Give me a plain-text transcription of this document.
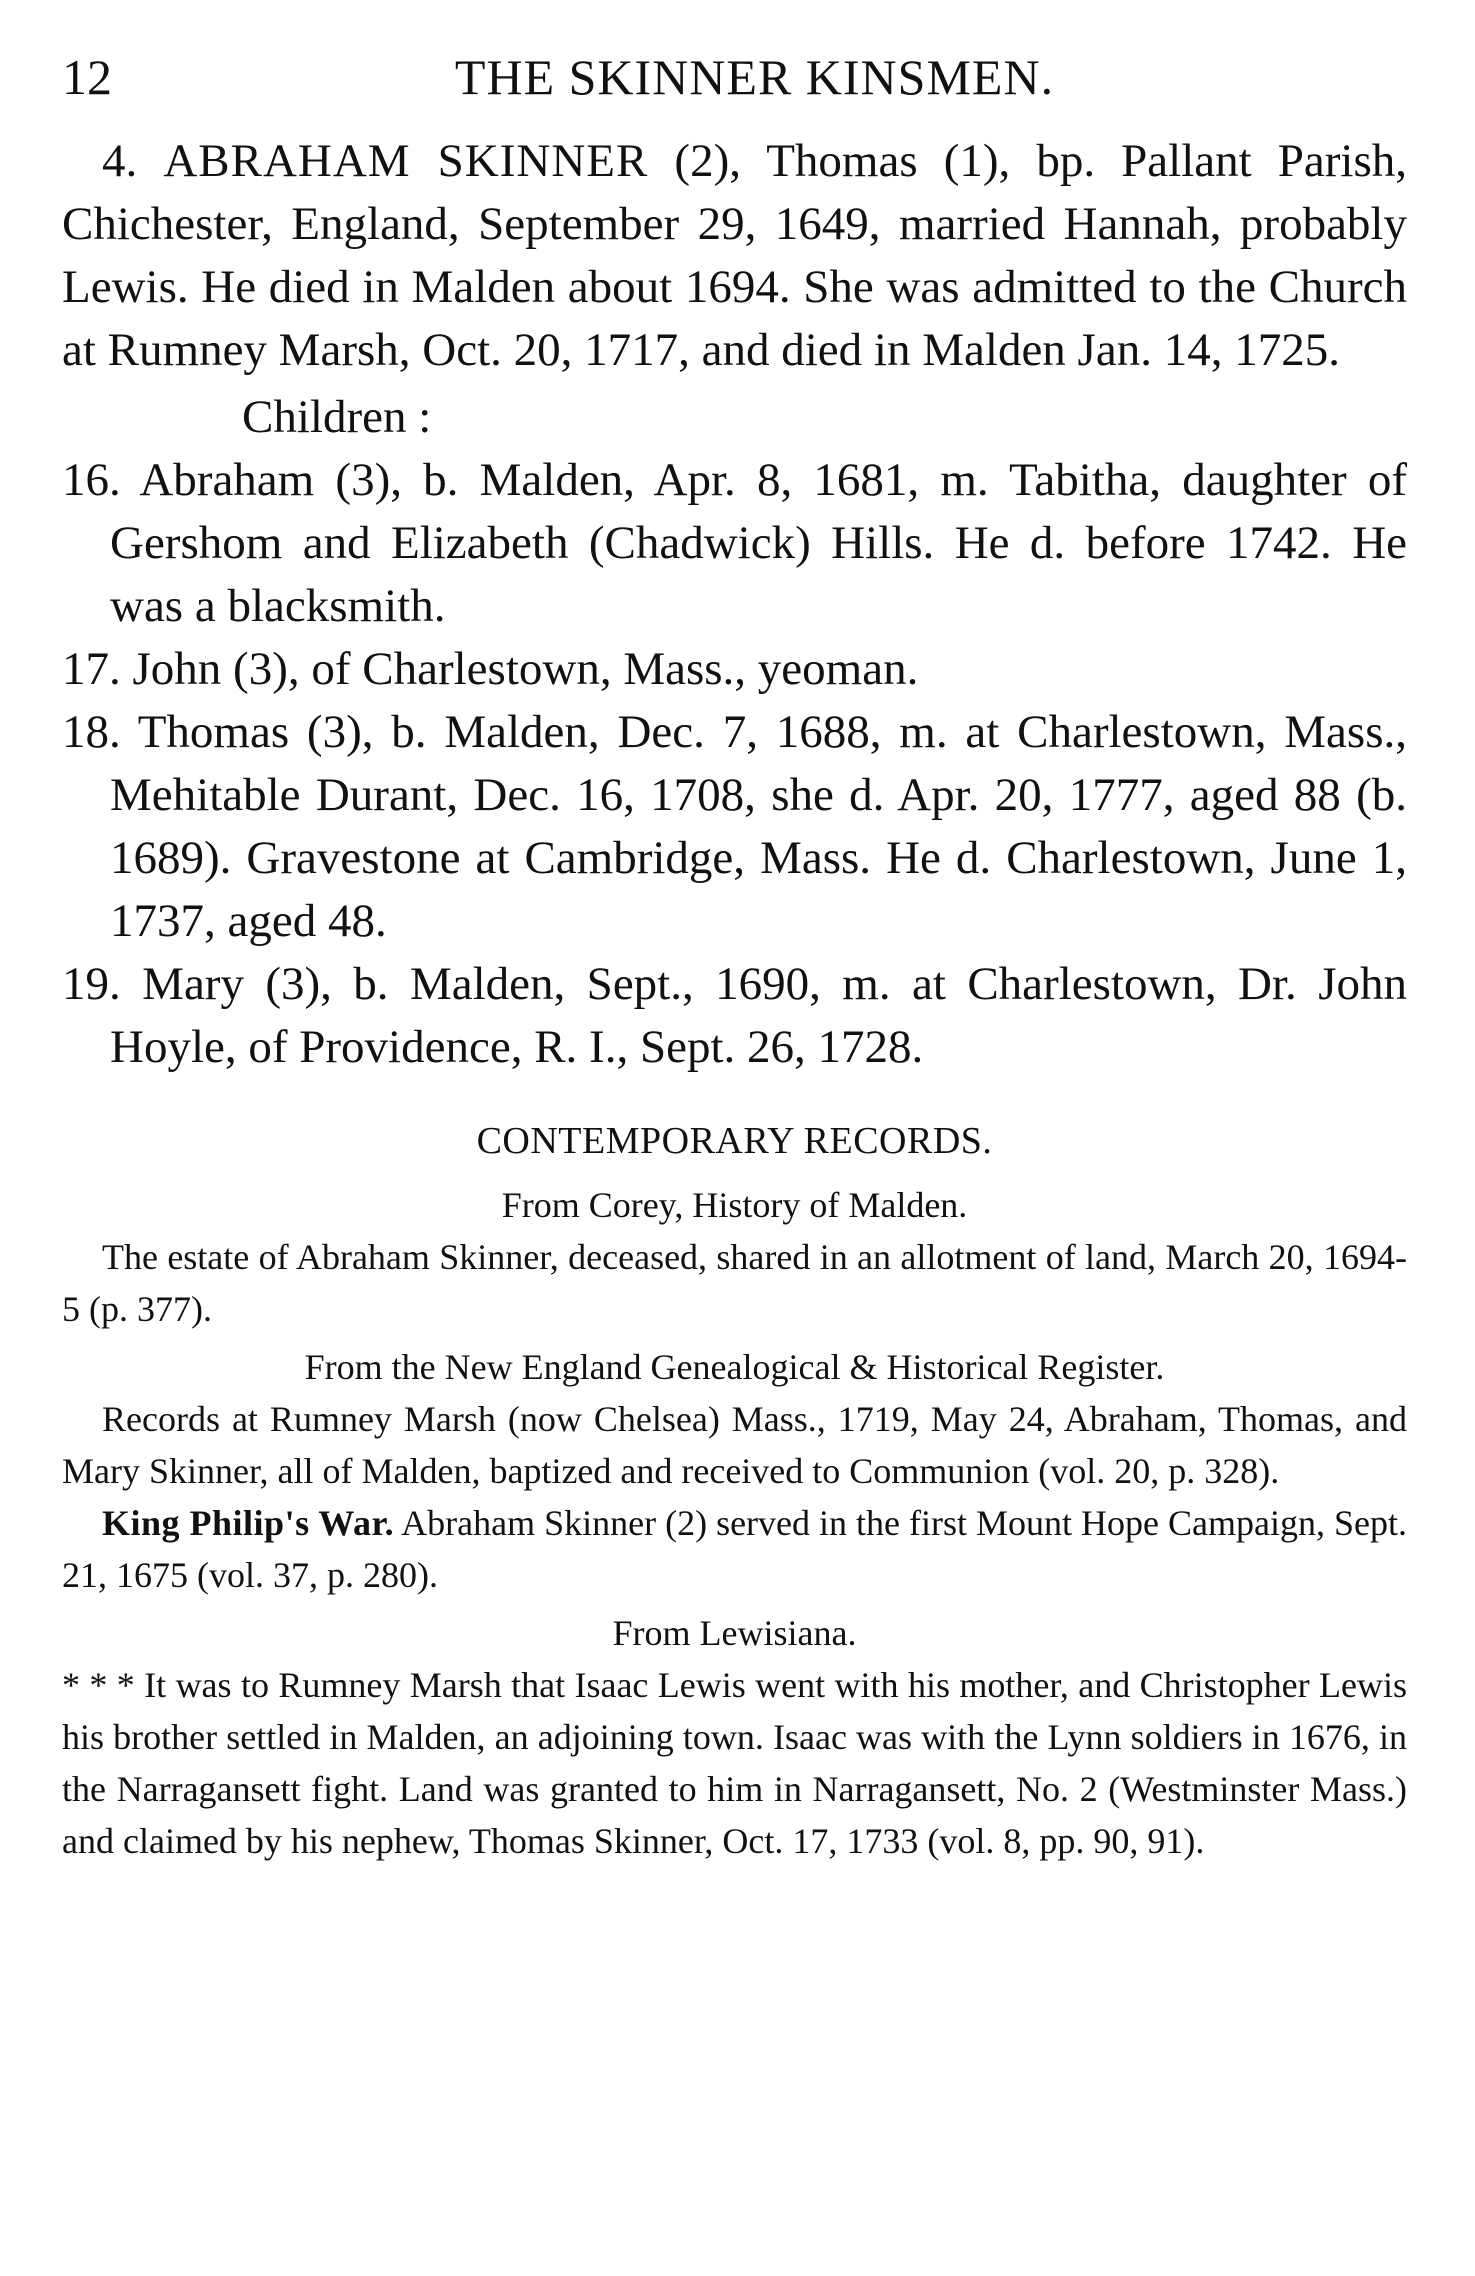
12	THE SKINNER KINSMEN.

4. ABRAHAM SKINNER (2), Thomas (1), bp. Pallant Parish, Chichester, England, September 29, 1649, married Hannah, probably Lewis. He died in Malden about 1694. She was admitted to the Church at Rumney Marsh, Oct. 20, 1717, and died in Malden Jan. 14, 1725.

Children :

16. Abraham (3), b. Malden, Apr. 8, 1681, m. Tabitha, daughter of Gershom and Elizabeth (Chadwick) Hills. He d. before 1742. He was a blacksmith.

17. John (3), of Charlestown, Mass., yeoman.

18. Thomas (3), b. Malden, Dec. 7, 1688, m. at Charlestown, Mass., Mehitable Durant, Dec. 16, 1708, she d. Apr. 20, 1777, aged 88 (b. 1689). Gravestone at Cambridge, Mass. He d. Charlestown, June 1, 1737, aged 48.

19. Mary (3), b. Malden, Sept., 1690, m. at Charlestown, Dr. John Hoyle, of Providence, R. I., Sept. 26, 1728.

CONTEMPORARY RECORDS.

From Corey, History of Malden.

The estate of Abraham Skinner, deceased, shared in an allotment of land, March 20, 1694-5 (p. 377).

From the New England Genealogical & Historical Register.

Records at Rumney Marsh (now Chelsea) Mass., 1719, May 24, Abraham, Thomas, and Mary Skinner, all of Malden, baptized and received to Communion (vol. 20, p. 328).

King Philip's War. Abraham Skinner (2) served in the first Mount Hope Campaign, Sept. 21, 1675 (vol. 37, p. 280).

From Lewisiana.

* * * It was to Rumney Marsh that Isaac Lewis went with his mother, and Christopher Lewis his brother settled in Malden, an adjoining town. Isaac was with the Lynn soldiers in 1676, in the Narragansett fight. Land was granted to him in Narragansett, No. 2 (Westminster Mass.) and claimed by his nephew, Thomas Skinner, Oct. 17, 1733 (vol. 8, pp. 90, 91).
